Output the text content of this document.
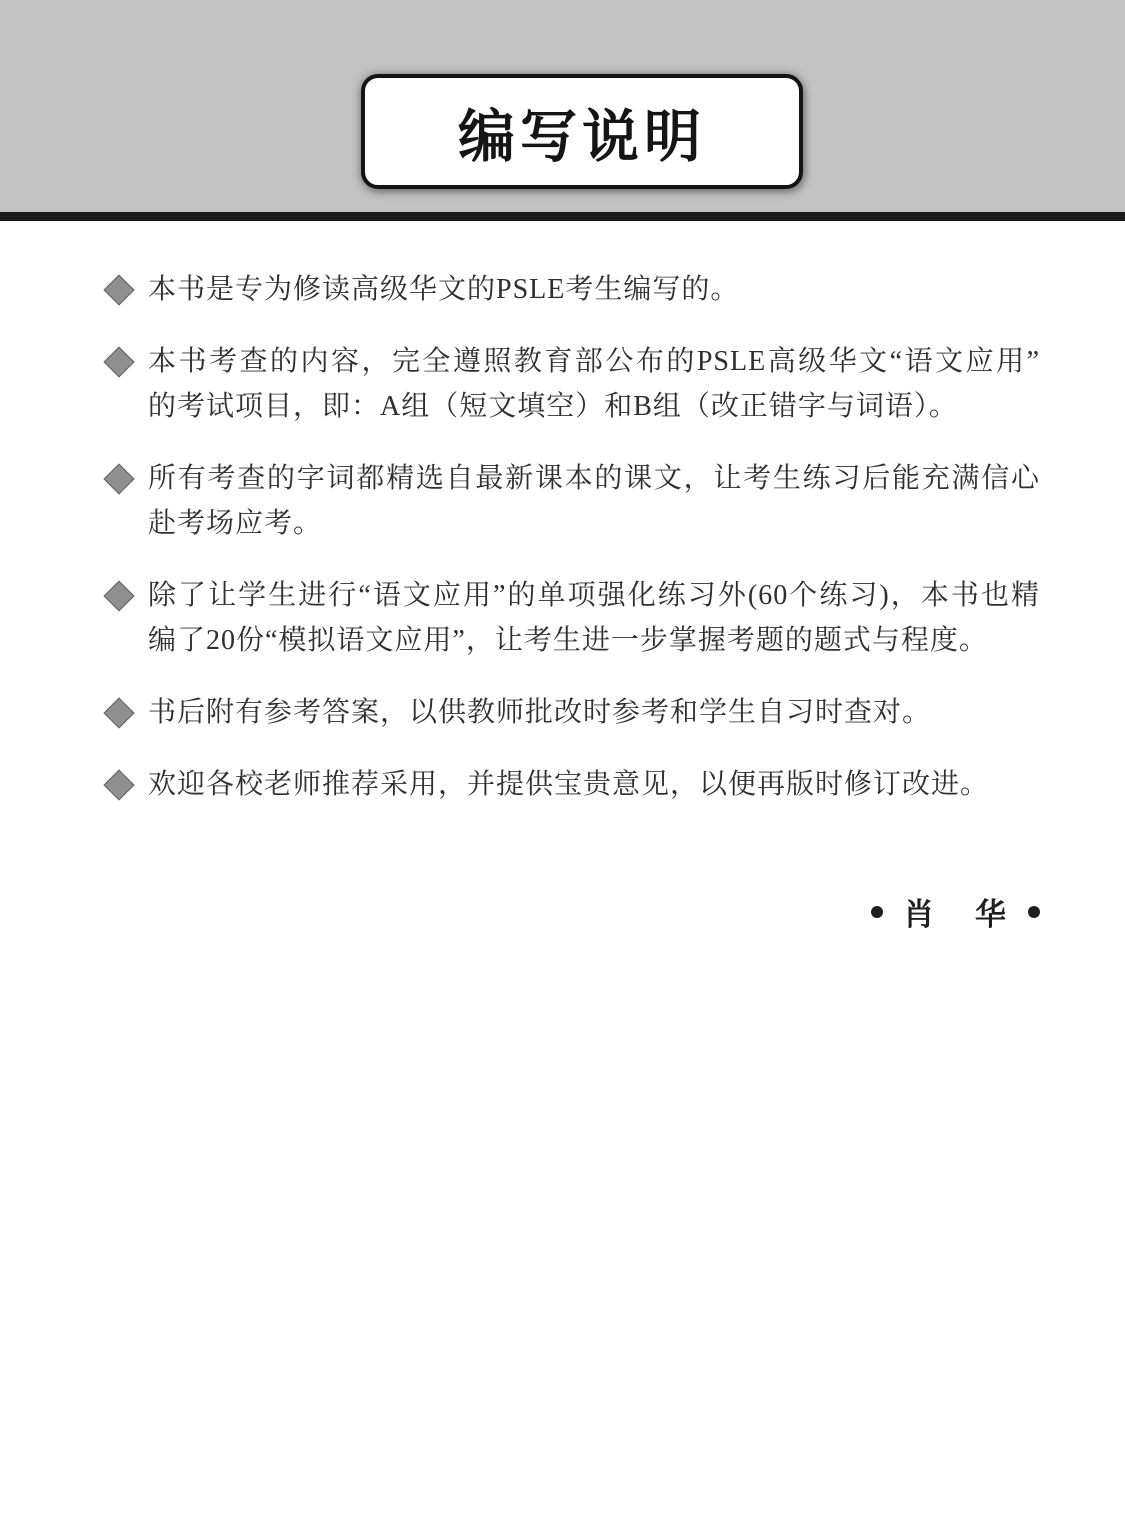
编写说明
本书是专为修读高级华文的PSLE考生编写的。
本书考查的内容，完全遵照教育部公布的PSLE高级华文“语文应用”
的考试项目，即：A组（短文填空）和B组（改正错字与词语）。
所有考查的字词都精选自最新课本的课文，让考生练习后能充满信心
赴考场应考。
除了让学生进行“语文应用”的单项强化练习外(60个练习)，本书也精
编了20份“模拟语文应用”，让考生进一步掌握考题的题式与程度。
书后附有参考答案，以供教师批改时参考和学生自习时查对。
欢迎各校老师推荐采用，并提供宝贵意见，以便再版时修订改进。
肖 华
